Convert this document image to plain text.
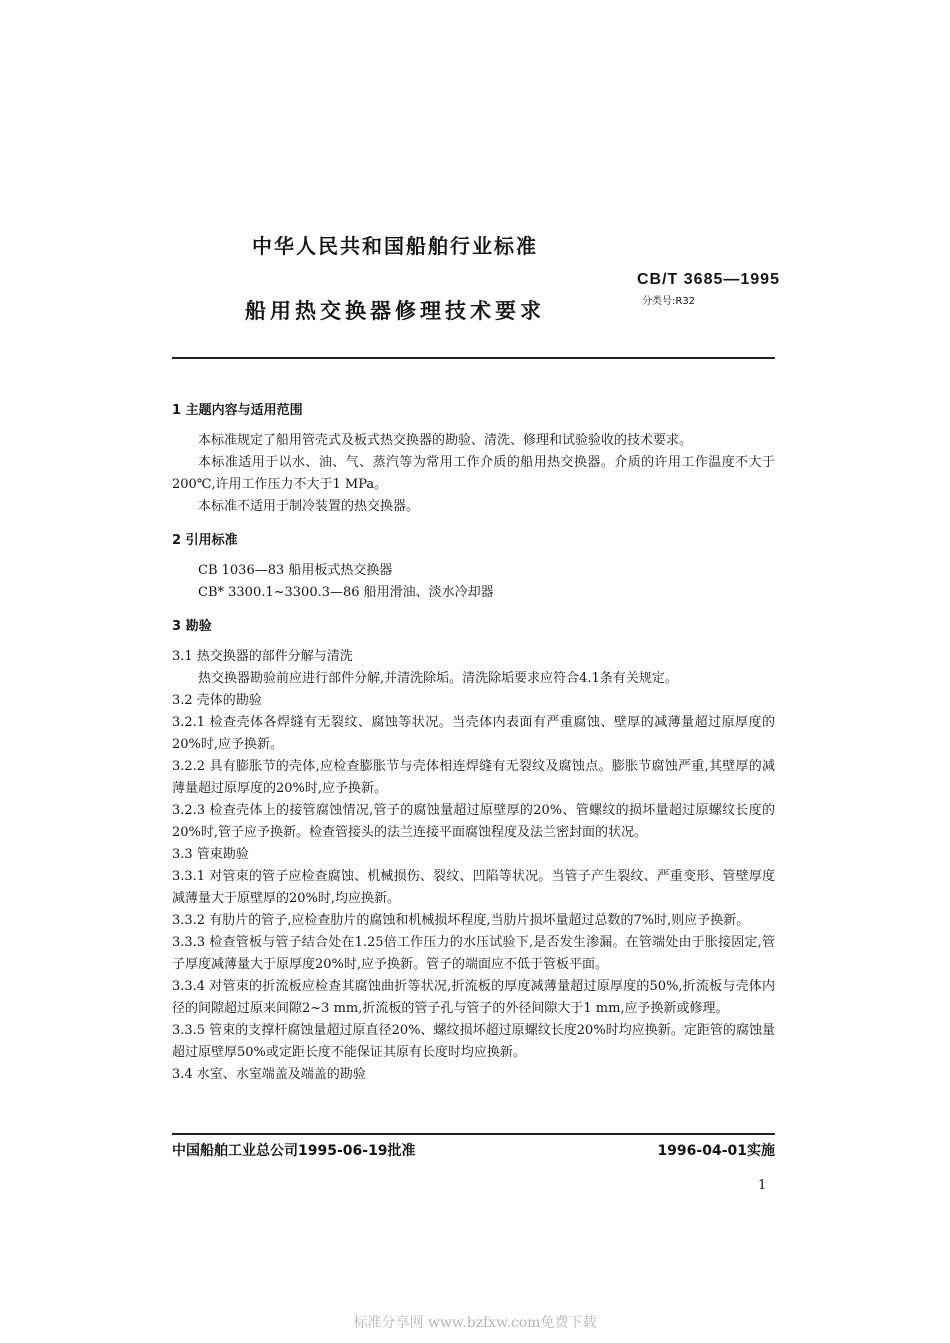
中华人民共和国船舶行业标准
CB/T 3685—1995
分类号:R32
船用热交换器修理技术要求

1 主题内容与适用范围

本标准规定了船用管壳式及板式热交换器的勘验、清洗、修理和试验验收的技术要求。

本标准适用于以水、油、气、蒸汽等为常用工作介质的船用热交换器。介质的许用工作温度不大于200℃,许用工作压力不大于1 MPa。

本标准不适用于制冷装置的热交换器。

2 引用标准

CB 1036—83 船用板式热交换器

CB* 3300.1~3300.3—86 船用滑油、淡水冷却器

3 勘验

3.1 热交换器的部件分解与清洗

热交换器勘验前应进行部件分解,并清洗除垢。清洗除垢要求应符合4.1条有关规定。

3.2 壳体的勘验

3.2.1 检查壳体各焊缝有无裂纹、腐蚀等状况。当壳体内表面有严重腐蚀、壁厚的减薄量超过原厚度的20%时,应予换新。

3.2.2 具有膨胀节的壳体,应检查膨胀节与壳体相连焊缝有无裂纹及腐蚀点。膨胀节腐蚀严重,其壁厚的减薄量超过原厚度的20%时,应予换新。

3.2.3 检查壳体上的接管腐蚀情况,管子的腐蚀量超过原壁厚的20%、管螺纹的损坏量超过原螺纹长度的20%时,管子应予换新。检查管接头的法兰连接平面腐蚀程度及法兰密封面的状况。

3.3 管束勘验

3.3.1 对管束的管子应检查腐蚀、机械损伤、裂纹、凹陷等状况。当管子产生裂纹、严重变形、管壁厚度减薄量大于原壁厚的20%时,均应换新。

3.3.2 有肋片的管子,应检查肋片的腐蚀和机械损坏程度,当肋片损坏量超过总数的7%时,则应予换新。

3.3.3 检查管板与管子结合处在1.25倍工作压力的水压试验下,是否发生渗漏。在管端处由于胀接固定,管子厚度减薄量大于原厚度20%时,应予换新。管子的端面应不低于管板平面。

3.3.4 对管束的折流板应检查其腐蚀曲折等状况,折流板的厚度减薄量超过原厚度的50%,折流板与壳体内径的间隙超过原来间隙2~3 mm,折流板的管子孔与管子的外径间隙大于1 mm,应予换新或修理。

3.3.5 管束的支撑杆腐蚀量超过原直径20%、螺纹损坏超过原螺纹长度20%时均应换新。定距管的腐蚀量超过原壁厚50%或定距长度不能保证其原有长度时均应换新。

3.4 水室、水室端盖及端盖的勘验

中国船舶工业总公司1995-06-19批准	1996-04-01实施
1
标准分享网 www.bzfxw.com免费下载
